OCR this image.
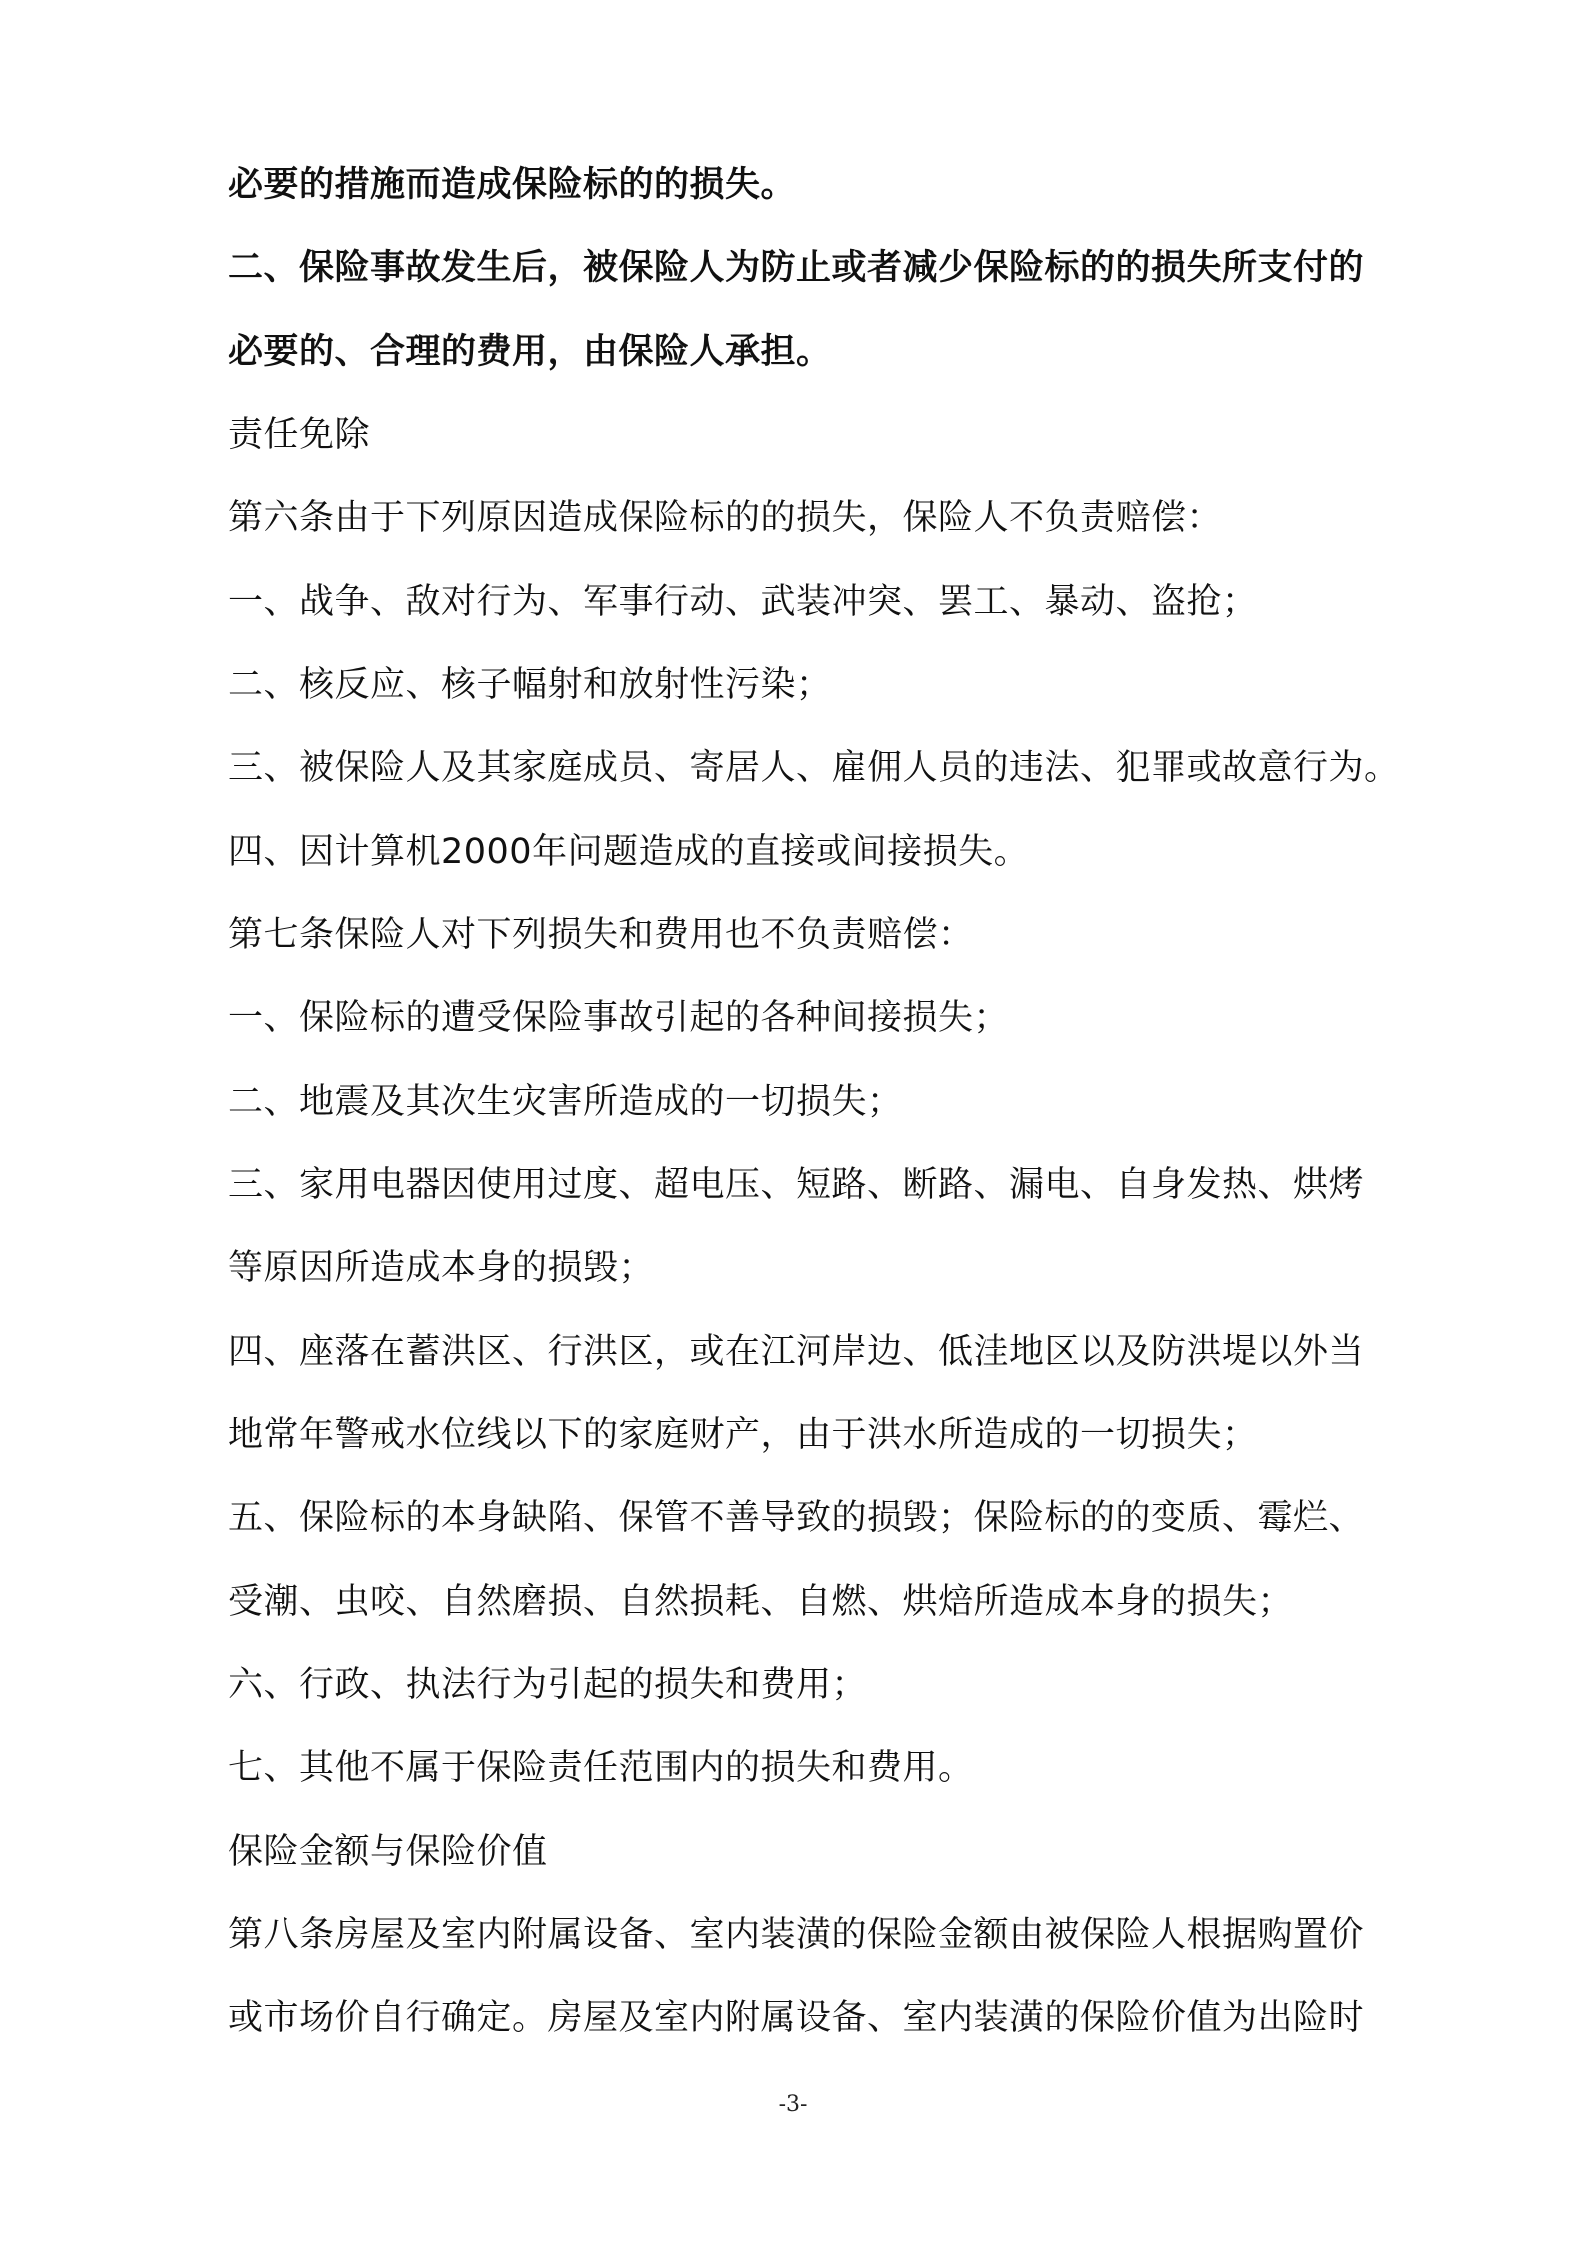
必要的措施而造成保险标的的损失。
二、保险事故发生后，被保险人为防止或者减少保险标的的损失所支付的
必要的、合理的费用，由保险人承担。
责任免除
第六条由于下列原因造成保险标的的损失，保险人不负责赔偿：
一、战争、敌对行为、军事行动、武装冲突、罢工、暴动、盗抢；
二、核反应、核子幅射和放射性污染；
三、被保险人及其家庭成员、寄居人、雇佣人员的违法、犯罪或故意行为。
四、因计算机2000年问题造成的直接或间接损失。
第七条保险人对下列损失和费用也不负责赔偿：
一、保险标的遭受保险事故引起的各种间接损失；
二、地震及其次生灾害所造成的一切损失；
三、家用电器因使用过度、超电压、短路、断路、漏电、自身发热、烘烤
等原因所造成本身的损毁；
四、座落在蓄洪区、行洪区，或在江河岸边、低洼地区以及防洪堤以外当
地常年警戒水位线以下的家庭财产，由于洪水所造成的一切损失；
五、保险标的本身缺陷、保管不善导致的损毁；保险标的的变质、霉烂、
受潮、虫咬、自然磨损、自然损耗、自燃、烘焙所造成本身的损失；
六、行政、执法行为引起的损失和费用；
七、其他不属于保险责任范围内的损失和费用。
保险金额与保险价值
第八条房屋及室内附属设备、室内装潢的保险金额由被保险人根据购置价
或市场价自行确定。房屋及室内附属设备、室内装潢的保险价值为出险时
-3-
